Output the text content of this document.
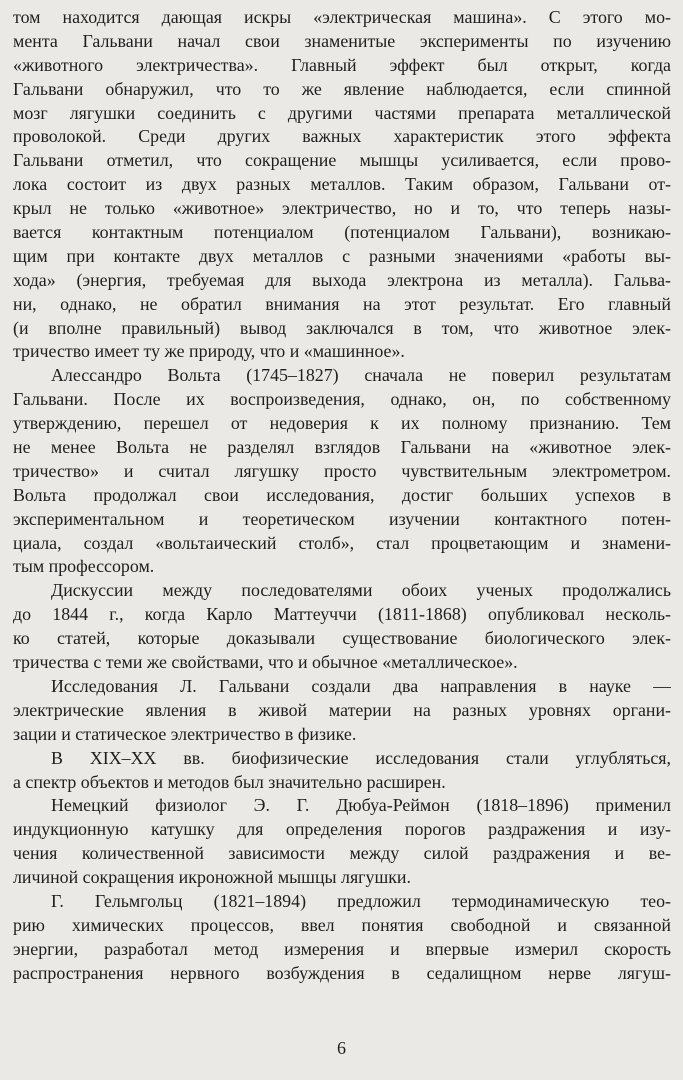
том находится дающая искры «электрическая машина». С этого мо-
мента Гальвани начал свои знаменитые эксперименты по изучению
«животного электричества». Главный эффект был открыт, когда
Гальвани обнаружил, что то же явление наблюдается, если спинной
мозг лягушки соединить с другими частями препарата металлической
проволокой. Среди других важных характеристик этого эффекта
Гальвани отметил, что сокращение мышцы усиливается, если прово-
лока состоит из двух разных металлов. Таким образом, Гальвани от-
крыл не только «животное» электричество, но и то, что теперь назы-
вается контактным потенциалом (потенциалом Гальвани), возникаю-
щим при контакте двух металлов с разными значениями «работы вы-
хода» (энергия, требуемая для выхода электрона из металла). Гальва-
ни, однако, не обратил внимания на этот результат. Его главный
(и вполне правильный) вывод заключался в том, что животное элек-
тричество имеет ту же природу, что и «машинное».
Алессандро Вольта (1745–1827) сначала не поверил результатам
Гальвани. После их воспроизведения, однако, он, по собственному
утверждению, перешел от недоверия к их полному признанию. Тем
не менее Вольта не разделял взглядов Гальвани на «животное элек-
тричество» и считал лягушку просто чувствительным электрометром.
Вольта продолжал свои исследования, достиг больших успехов в
экспериментальном и теоретическом изучении контактного потен-
циала, создал «вольтаический столб», стал процветающим и знамени-
тым профессором.
Дискуссии между последователями обоих ученых продолжались
до 1844 г., когда Карло Маттеуччи (1811-1868) опубликовал несколь-
ко статей, которые доказывали существование биологического элек-
тричества с теми же свойствами, что и обычное «металлическое».
Исследования Л. Гальвани создали два направления в науке —
электрические явления в живой материи на разных уровнях органи-
зации и статическое электричество в физике.
В XIX–XX вв. биофизические исследования стали углубляться,
а спектр объектов и методов был значительно расширен.
Немецкий физиолог Э. Г. Дюбуа-Реймон (1818–1896) применил
индукционную катушку для определения порогов раздражения и изу-
чения количественной зависимости между силой раздражения и ве-
личиной сокращения икроножной мышцы лягушки.
Г. Гельмгольц (1821–1894) предложил термодинамическую тео-
рию химических процессов, ввел понятия свободной и связанной
энергии, разработал метод измерения и впервые измерил скорость
распространения нервного возбуждения в седалищном нерве лягуш-
6
